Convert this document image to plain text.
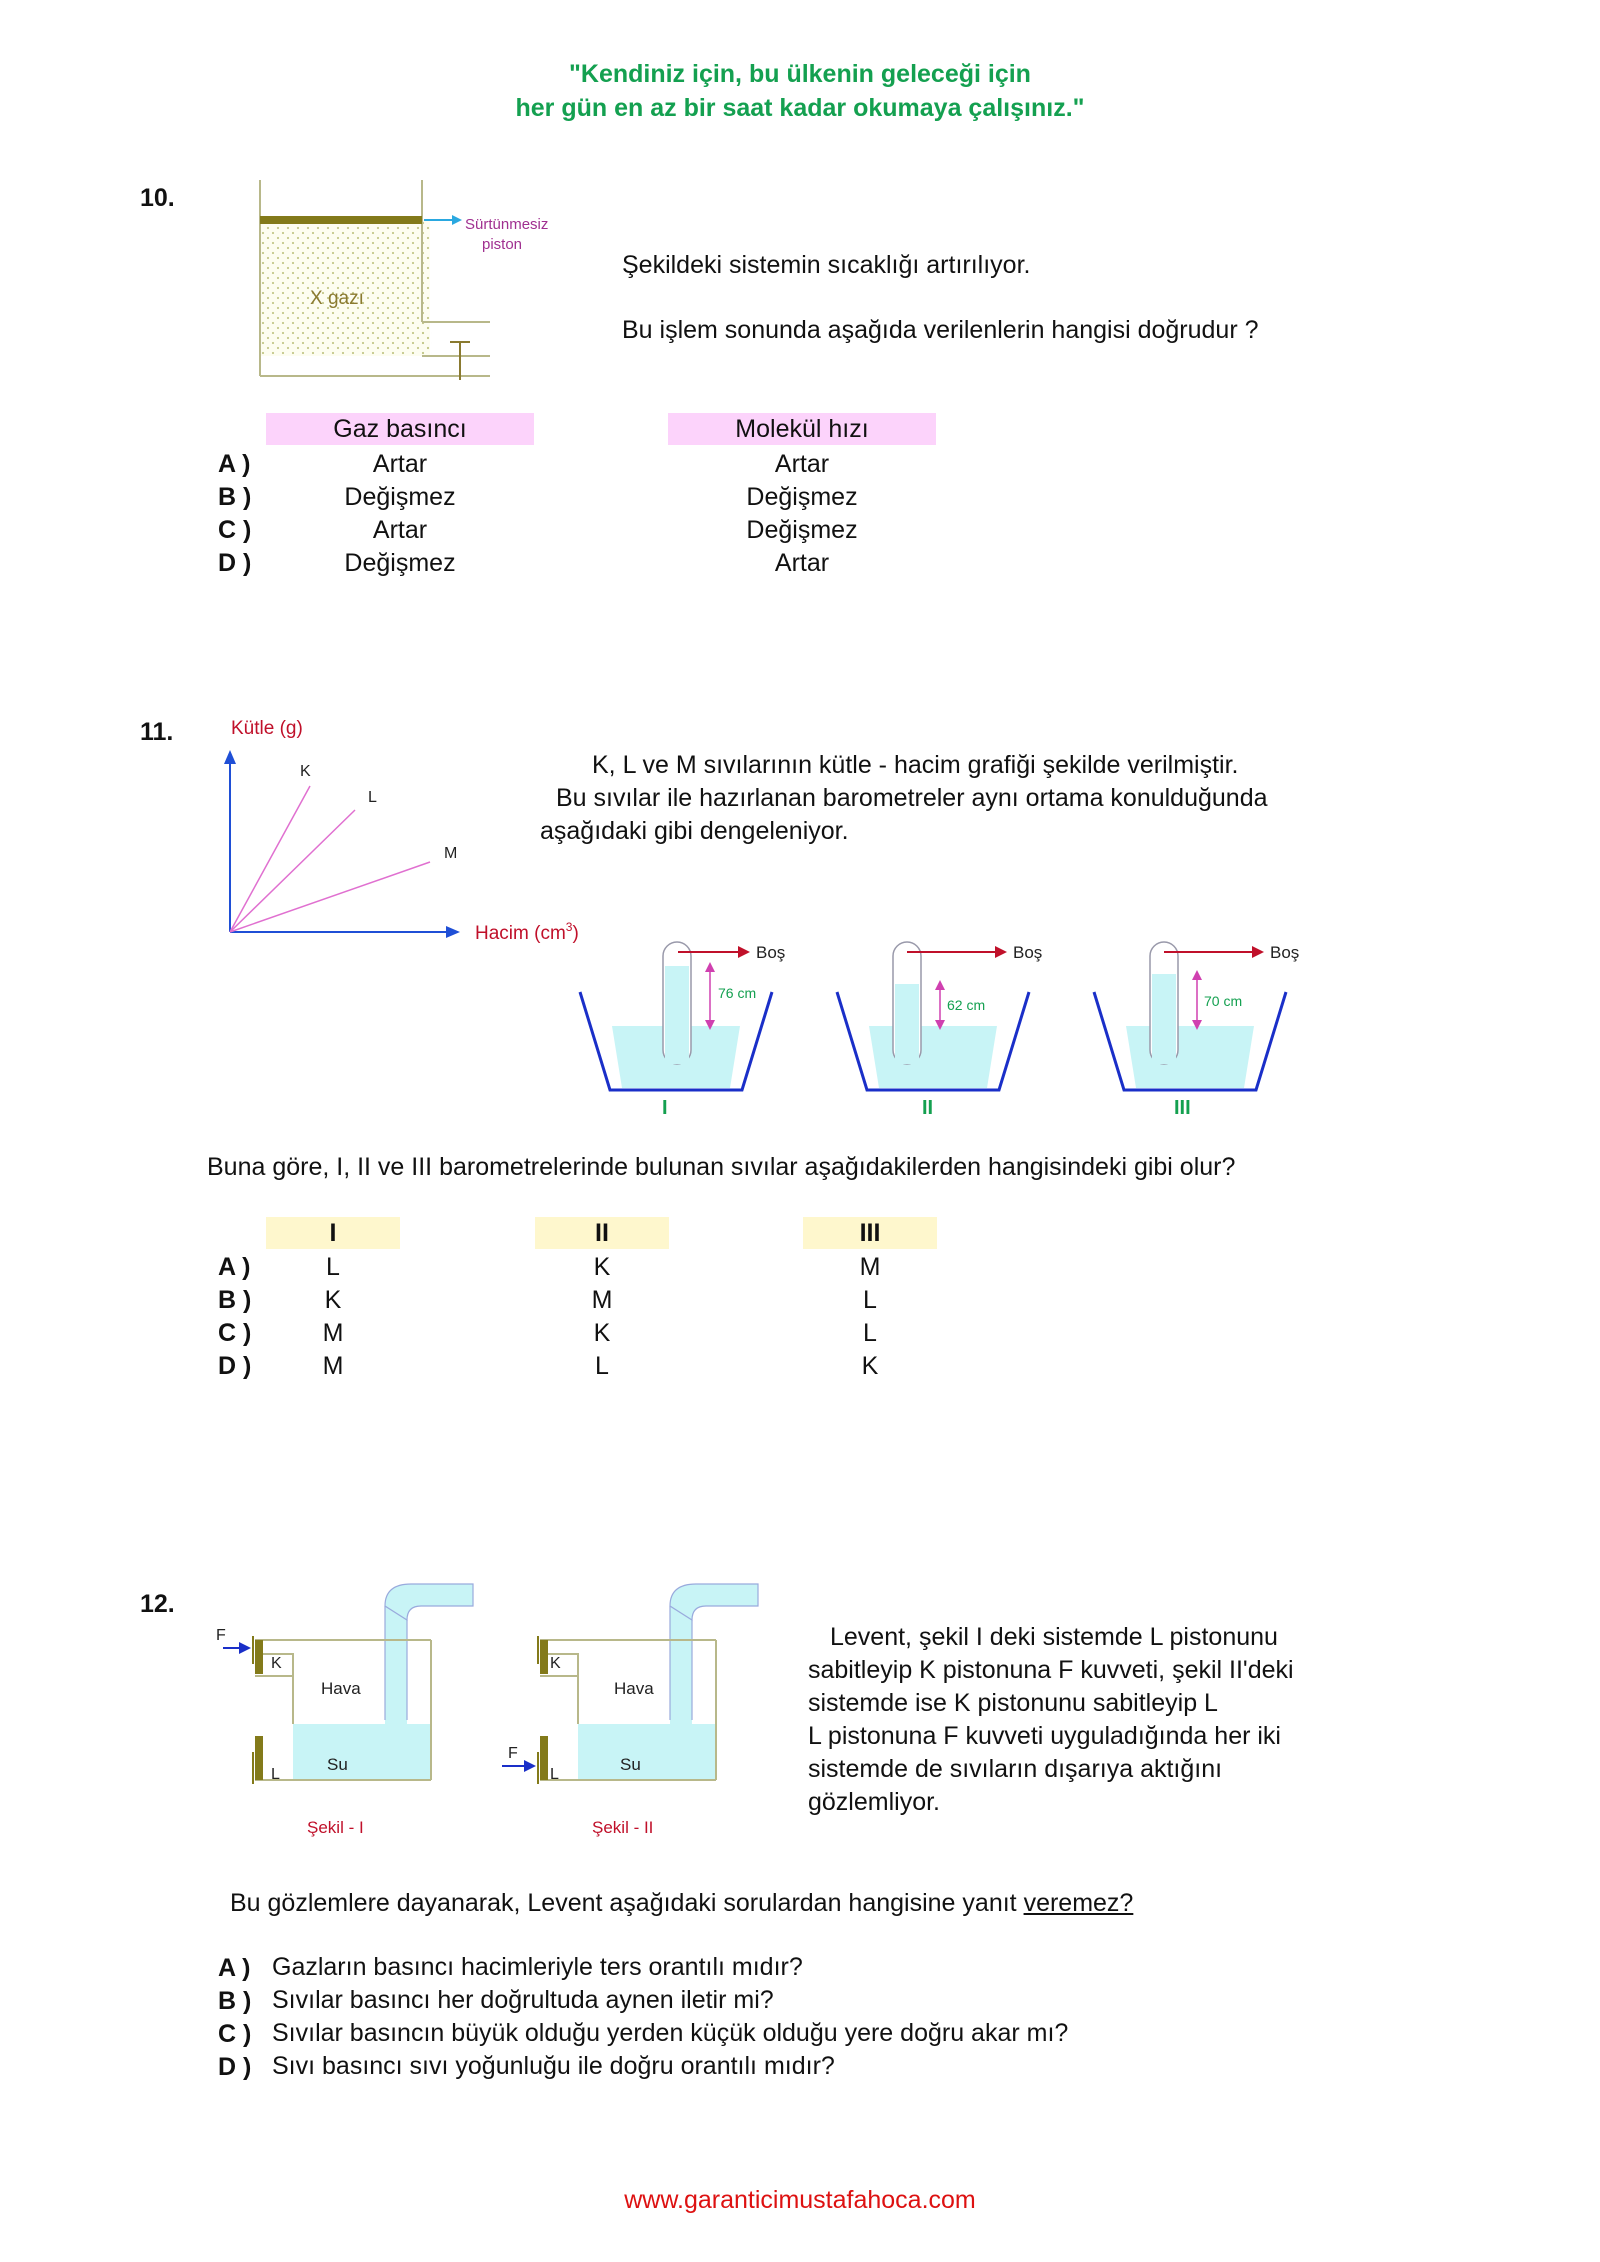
"Kendiniz için, bu ülkenin geleceği için
her gün en az bir saat kadar okumaya çalışınız."
10.
X gazı
Sürtünmesiz
piston
Şekildeki sistemin sıcaklığı artırılıyor.
Bu işlem sonunda aşağıda verilenlerin hangisi doğrudur ?
Gaz basıncı	Molekül hızı
A )	Artar	Artar
B )	Değişmez	Değişmez
C )	Artar	Değişmez
D )	Değişmez	Artar
11.	Kütle (g)
Hacim $(cm^3)$
K
L
M
K, L ve M sıvılarının kütle - hacim grafiği şekilde verilmiştir.
Bu sıvılar ile hazırlanan barometreler aynı ortama konulduğunda
aşağıdaki gibi dengeleniyor.
Boş
76 cm
I
Boş
62 cm
II
Boş
70 cm
III
Buna göre, I, II ve III barometrelerinde bulunan sıvılar aşağıdakilerden hangisindeki gibi olur?
I	II	III
A )	L	K	M
B )	K	M	L
C )	M	K	L
D )	M	L	K
12.
F
K
L
Hava
Su
Şekil - I
F
K
L
Hava
Su
Şekil - II
Levent, şekil I deki sistemde L pistonunu
sabitleyip K pistonuna F kuvveti, şekil II'deki
sistemde ise K pistonunu sabitleyip L
L pistonuna F kuvveti uyguladığında her iki
sistemde de sıvıların dışarıya aktığını
gözlemliyor.
Bu gözlemlere dayanarak, Levent aşağıdaki sorulardan hangisine yanıt veremez?
A ) Gazların basıncı hacimleriyle ters orantılı mıdır?
B ) Sıvılar basıncı her doğrultuda aynen iletir mi?
C ) Sıvılar basıncın büyük olduğu yerden küçük olduğu yere doğru akar mı?
D ) Sıvı basıncı sıvı yoğunluğu ile doğru orantılı mıdır?
www.garanticimustafahoca.com
